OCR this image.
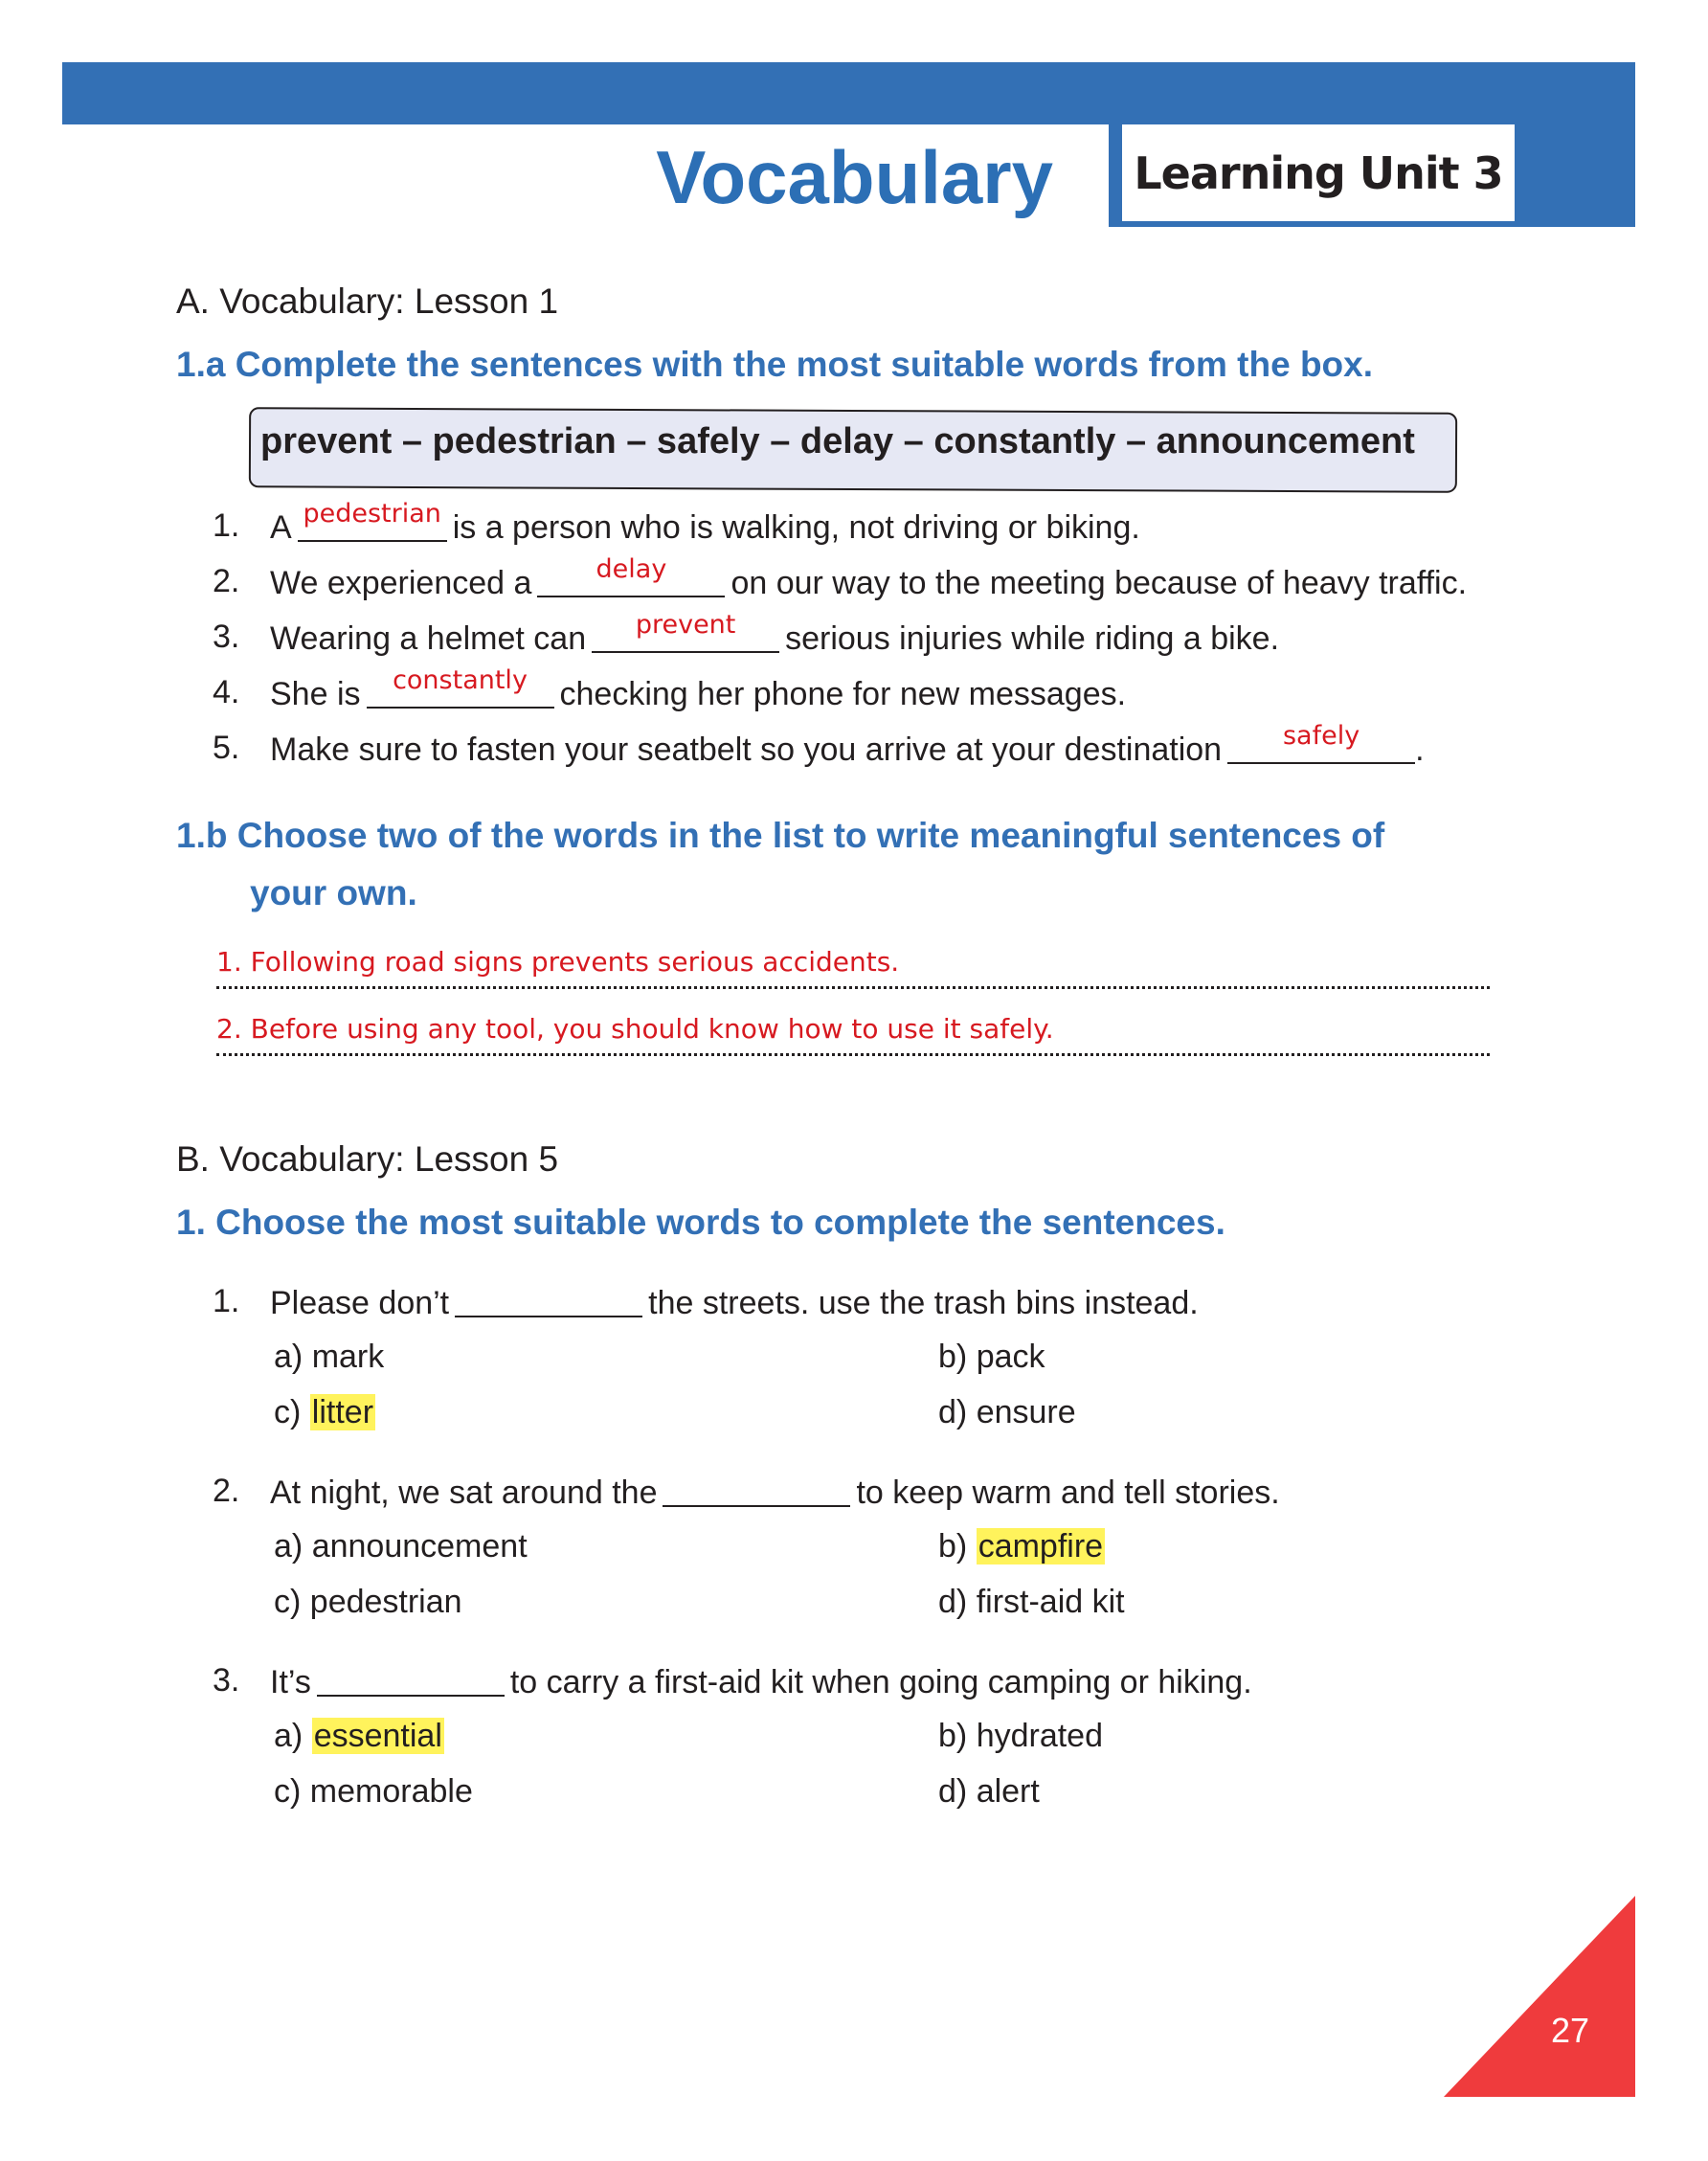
Learning Unit 3
Vocabulary
A. Vocabulary: Lesson 1
1.a Complete the sentences with the most suitable words from the box.
prevent – pedestrian – safely – delay – constantly – announcement
1. A pedestrian is a person who is walking, not driving or biking.
2. We experienced a	delay	on our way to the meeting because of heavy traffic.
3. Wearing a helmet can	prevent	serious injuries while riding a bike.
4. She is	constantly checking her phone for new messages.
5. Make sure to fasten your seatbelt so you arrive at your destination	safely	.
1.b Choose two of the words in the list to write meaningful sentences of
your own.
1. Following road signs prevents serious accidents.
2. Before using any tool, you should know how to use it safely.
B. Vocabulary: Lesson 5
1. Choose the most suitable words to complete the sentences.
1. Please don’t	the streets. use the trash bins instead.
a) mark	b) pack
c) litter	d) ensure
2. At night, we sat around the	to keep warm and tell stories.
a) announcement	b) campfire
c) pedestrian	d) first-aid kit
3. It’s	to carry a first-aid kit when going camping or hiking.
a) essential	b) hydrated
c) memorable	d) alert
27
